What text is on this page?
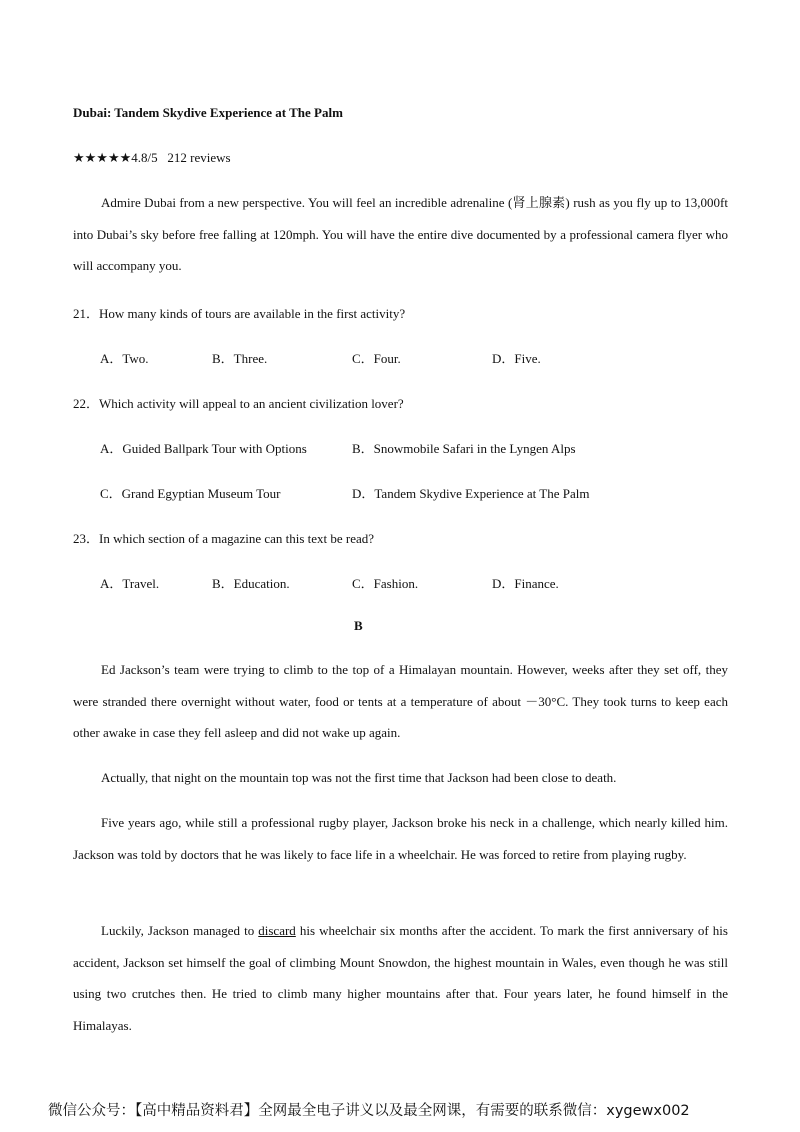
Dubai: Tandem Skydive Experience at The Palm
★★★★★4.8/5 212 reviews
Admire Dubai from a new perspective. You will feel an incredible adrenaline (肾上腺素) rush as you fly up to 13,000ft into Dubai’s sky before free falling at 120mph. You will have the entire dive documented by a professional camera flyer who will accompany you.
21．How many kinds of tours are available in the first activity?
A．Two.	B．Three.	C．Four.	D．Five.
22．Which activity will appeal to an ancient civilization lover?
A．Guided Ballpark Tour with Options	B．Snowmobile Safari in the Lyngen Alps
C．Grand Egyptian Museum Tour	D．Tandem Skydive Experience at The Palm
23．In which section of a magazine can this text be read?
A．Travel.	B．Education.	C．Fashion.	D．Finance.
B
Ed Jackson’s team were trying to climb to the top of a Himalayan mountain. However, weeks after they set off, they were stranded there overnight without water, food or tents at a temperature of about －30°C. They took turns to keep each other awake in case they fell asleep and did not wake up again.
Actually, that night on the mountain top was not the first time that Jackson had been close to death.
Five years ago, while still a professional rugby player, Jackson broke his neck in a challenge, which nearly killed him. Jackson was told by doctors that he was likely to face life in a wheelchair. He was forced to retire from playing rugby.
Luckily, Jackson managed to discard his wheelchair six months after the accident. To mark the first anniversary of his accident, Jackson set himself the goal of climbing Mount Snowdon, the highest mountain in Wales, even though he was still using two crutches then. He tried to climb many higher mountains after that. Four years later, he found himself in the Himalayas.
微信公众号：【高中精品资料君】全网最全电子讲义以及最全网课，有需要的联系微信：xygewx002
